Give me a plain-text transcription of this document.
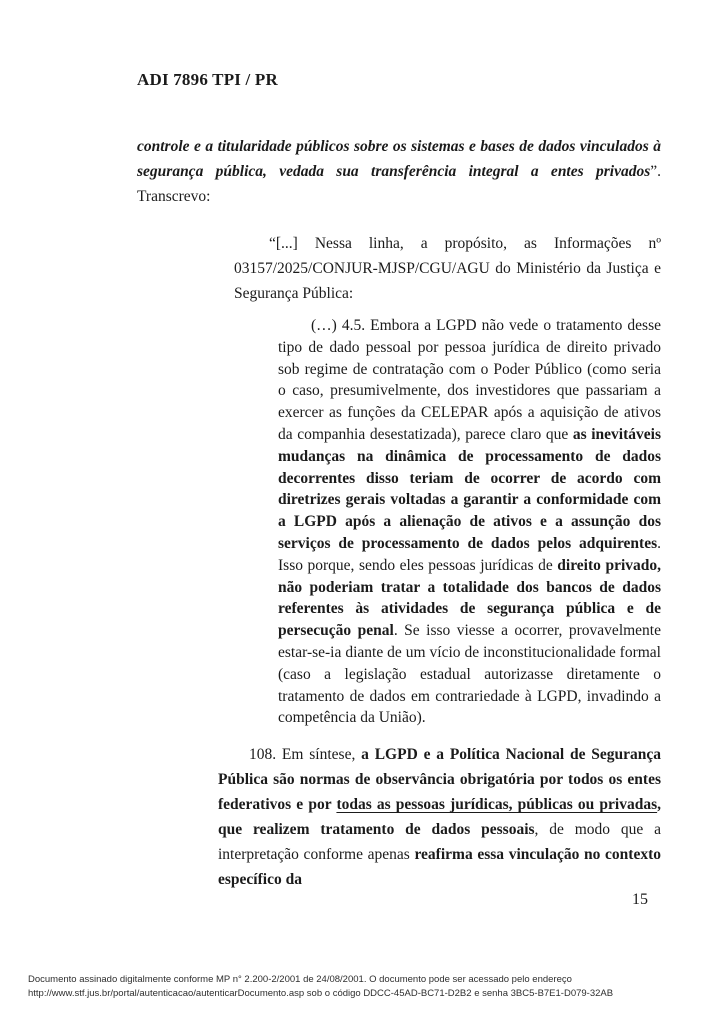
ADI 7896 TPI / PR

controle e a titularidade públicos sobre os sistemas e bases de dados vinculados à segurança pública, vedada sua transferência integral a entes privados”. Transcrevo:

“[...] Nessa linha, a propósito, as Informações nº 03157/2025/CONJUR-MJSP/CGU/AGU do Ministério da Justiça e Segurança Pública:

(…) 4.5. Embora a LGPD não vede o tratamento desse tipo de dado pessoal por pessoa jurídica de direito privado sob regime de contratação com o Poder Público (como seria o caso, presumivelmente, dos investidores que passariam a exercer as funções da CELEPAR após a aquisição de ativos da companhia desestatizada), parece claro que as inevitáveis mudanças na dinâmica de processamento de dados decorrentes disso teriam de ocorrer de acordo com diretrizes gerais voltadas a garantir a conformidade com a LGPD após a alienação de ativos e a assunção dos serviços de processamento de dados pelos adquirentes. Isso porque, sendo eles pessoas jurídicas de direito privado, não poderiam tratar a totalidade dos bancos de dados referentes às atividades de segurança pública e de persecução penal. Se isso viesse a ocorrer, provavelmente estar-se-ia diante de um vício de inconstitucionalidade formal (caso a legislação estadual autorizasse diretamente o tratamento de dados em contrariedade à LGPD, invadindo a competência da União).

108. Em síntese, a LGPD e a Política Nacional de Segurança Pública são normas de observância obrigatória por todos os entes federativos e por todas as pessoas jurídicas, públicas ou privadas, que realizem tratamento de dados pessoais, de modo que a interpretação conforme apenas reafirma essa vinculação no contexto específico da

15
Documento assinado digitalmente conforme MP n° 2.200-2/2001 de 24/08/2001. O documento pode ser acessado pelo endereço
http://www.stf.jus.br/portal/autenticacao/autenticarDocumento.asp sob o código DDCC-45AD-BC71-D2B2 e senha 3BC5-B7E1-D079-32AB
